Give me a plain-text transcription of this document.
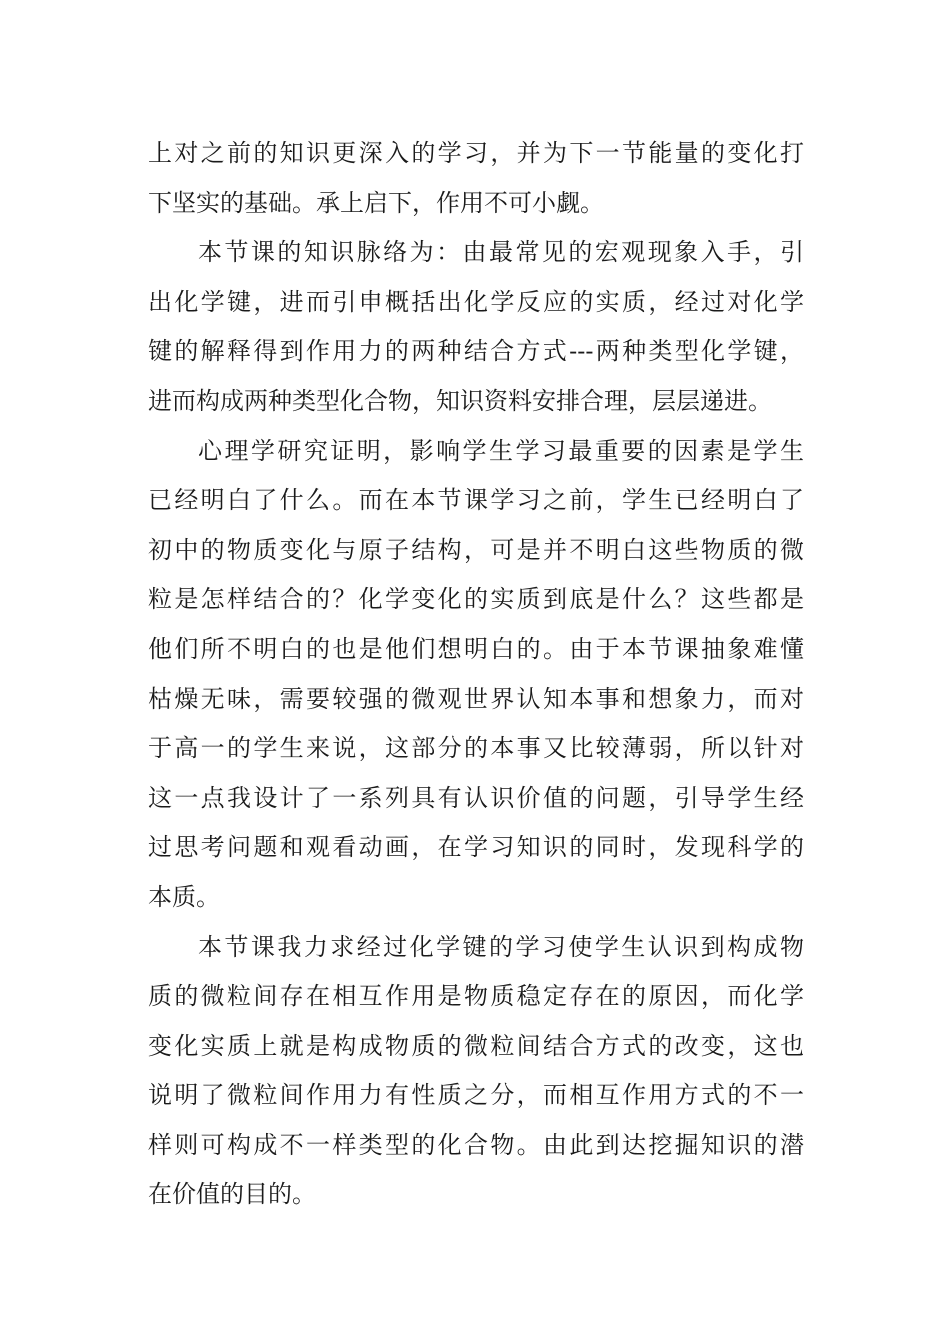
上对之前的知识更深入的学习，并为下一节能量的变化打
下坚实的基础。承上启下，作用不可小觑。
本节课的知识脉络为：由最常见的宏观现象入手，引
出化学键，进而引申概括出化学反应的实质，经过对化学
键的解释得到作用力的两种结合方式---两种类型化学键，
进而构成两种类型化合物，知识资料安排合理，层层递进。
心理学研究证明，影响学生学习最重要的因素是学生
已经明白了什么。而在本节课学习之前，学生已经明白了
初中的物质变化与原子结构，可是并不明白这些物质的微
粒是怎样结合的？化学变化的实质到底是什么？这些都是
他们所不明白的也是他们想明白的。由于本节课抽象难懂
枯燥无味，需要较强的微观世界认知本事和想象力，而对
于高一的学生来说，这部分的本事又比较薄弱，所以针对
这一点我设计了一系列具有认识价值的问题，引导学生经
过思考问题和观看动画，在学习知识的同时，发现科学的
本质。
本节课我力求经过化学键的学习使学生认识到构成物
质的微粒间存在相互作用是物质稳定存在的原因，而化学
变化实质上就是构成物质的微粒间结合方式的改变，这也
说明了微粒间作用力有性质之分，而相互作用方式的不一
样则可构成不一样类型的化合物。由此到达挖掘知识的潜
在价值的目的。
